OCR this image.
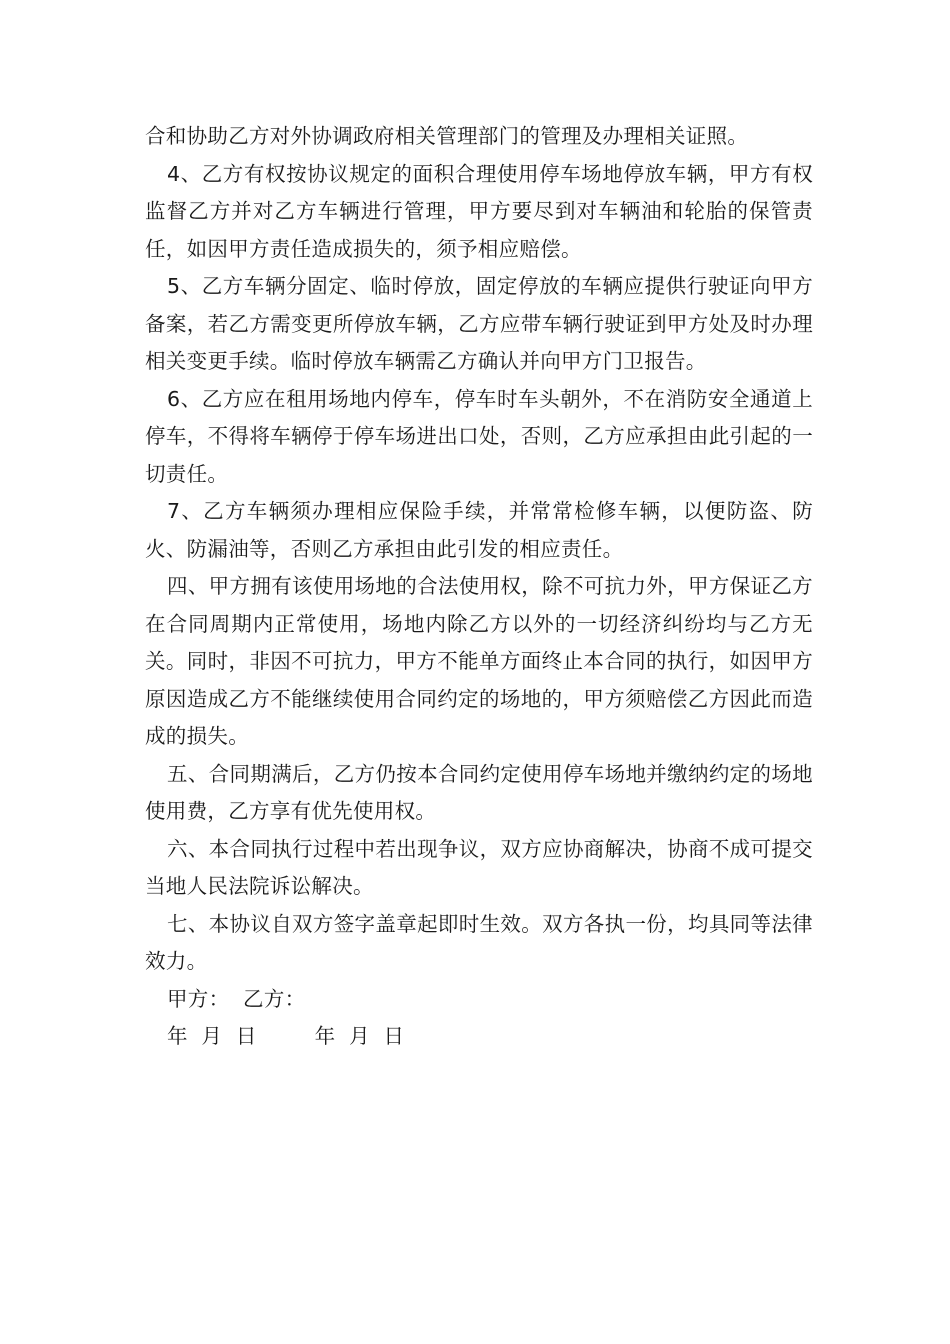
合和协助乙方对外协调政府相关管理部门的管理及办理相关证照。

4、乙方有权按协议规定的面积合理使用停车场地停放车辆，甲方有权监督乙方并对乙方车辆进行管理，甲方要尽到对车辆油和轮胎的保管责任，如因甲方责任造成损失的，须予相应赔偿。

5、乙方车辆分固定、临时停放，固定停放的车辆应提供行驶证向甲方备案，若乙方需变更所停放车辆，乙方应带车辆行驶证到甲方处及时办理相关变更手续。临时停放车辆需乙方确认并向甲方门卫报告。

6、乙方应在租用场地内停车，停车时车头朝外，不在消防安全通道上停车，不得将车辆停于停车场进出口处，否则，乙方应承担由此引起的一切责任。

7、乙方车辆须办理相应保险手续，并常常检修车辆，以便防盗、防火、防漏油等，否则乙方承担由此引发的相应责任。

四、甲方拥有该使用场地的合法使用权，除不可抗力外，甲方保证乙方在合同周期内正常使用，场地内除乙方以外的一切经济纠纷均与乙方无关。同时，非因不可抗力，甲方不能单方面终止本合同的执行，如因甲方原因造成乙方不能继续使用合同约定的场地的，甲方须赔偿乙方因此而造成的损失。

五、合同期满后，乙方仍按本合同约定使用停车场地并缴纳约定的场地使用费，乙方享有优先使用权。

六、本合同执行过程中若出现争议，双方应协商解决，协商不成可提交当地人民法院诉讼解决。

七、本协议自双方签字盖章起即时生效。双方各执一份，均具同等法律效力。

甲方：  乙方：

年  月  日	年  月  日
